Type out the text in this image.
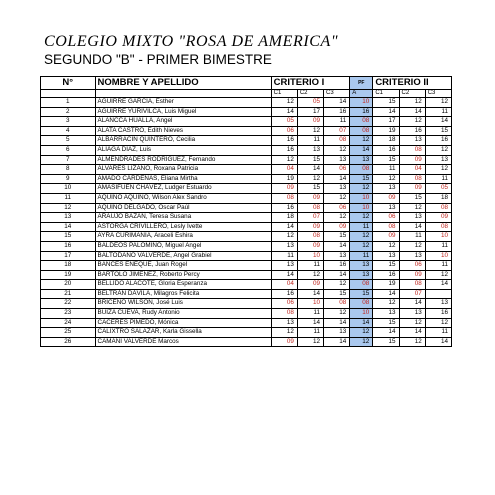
COLEGIO MIXTO "ROSA DE AMERICA"
SEGUNDO "B" - PRIMER BIMESTRE
N°	NOMBRE Y APELLIDO	CRITERIO I			PF	CRITERIO II		
		C1	C2	C3	A	C1	C2	C3
1	AGUIRRE GARCIA, Esther	12	05	14	10	15	12	12
2	AGUIRRE YURIVILCA, Luis Miguel	14	17	16	16	14	14	11
3	ALANCCA HUALLA, Angel	05	09	11	08	17	12	14
4	ALATA CASTRO, Edith Nieves	06	12	07	08	19	16	15
5	ALBARRACIN QUINTERO, Cecilia	16	11	08	12	18	13	16
6	ALIAGA DIAZ, Luis	16	13	12	14	16	08	12
7	ALMENDRADES RODRIGUEZ, Fernando	12	15	13	13	15	09	13
8	ALVARES LIZANO, Roxana Patricia	04	14	06	08	11	04	12
9	AMADO CÁRDENAS, Eliana Mirtha	19	12	14	15	12	08	11
10	AMASIFUEN CHÁVEZ, Ludger Estuardo	09	15	13	12	13	09	05
11	AQUINO AQUINO, Wilson Alex Sandro	08	09	12	10	09	15	18
12	AQUINO DELGADO, Oscar Paúl	16	08	06	10	13	12	08
13	ARAUJO BAZAN, Teresa Susana	18	07	12	12	06	13	09
14	ASTORGA CRIVILLERO, Lesly Ivette	14	09	09	11	08	14	08
15	AYRA CURIMANIA, Araceli Eshira	12	08	15	12	09	11	10
16	BALDEOS PALOMINO, Miguel Angel	13	09	14	12	12	12	11
17	BALTODANO VALVERDE, Angel Grabiel	11	10	13	11	13	13	10
18	BANCES ENEQUE, Juan Rogel	13	11	16	13	15	06	11
19	BARTOLO JIMENEZ, Roberto Percy	14	12	14	13	16	09	12
20	BELLIDO ALACOTE, Gloria Esperanza	04	09	12	08	19	08	14
21	BELTRÁN DÁVILA, Milagros Felicita	16	14	15	15	14	07	
22	BRICEÑO WILSON, José Luis	06	10	08	08	12	14	13
23	BUIZA CUEVA, Rudy Antonio	08	11	12	10	13	13	16
24	CACERES PIMEDO, Mónica	13	14	14	14	15	12	12
25	CALIXTRO SALAZAR, Karla Gissella	12	11	13	12	14	14	11
26	CAMANI VALVERDE Marcos	09	12	14	12	15	12	14
